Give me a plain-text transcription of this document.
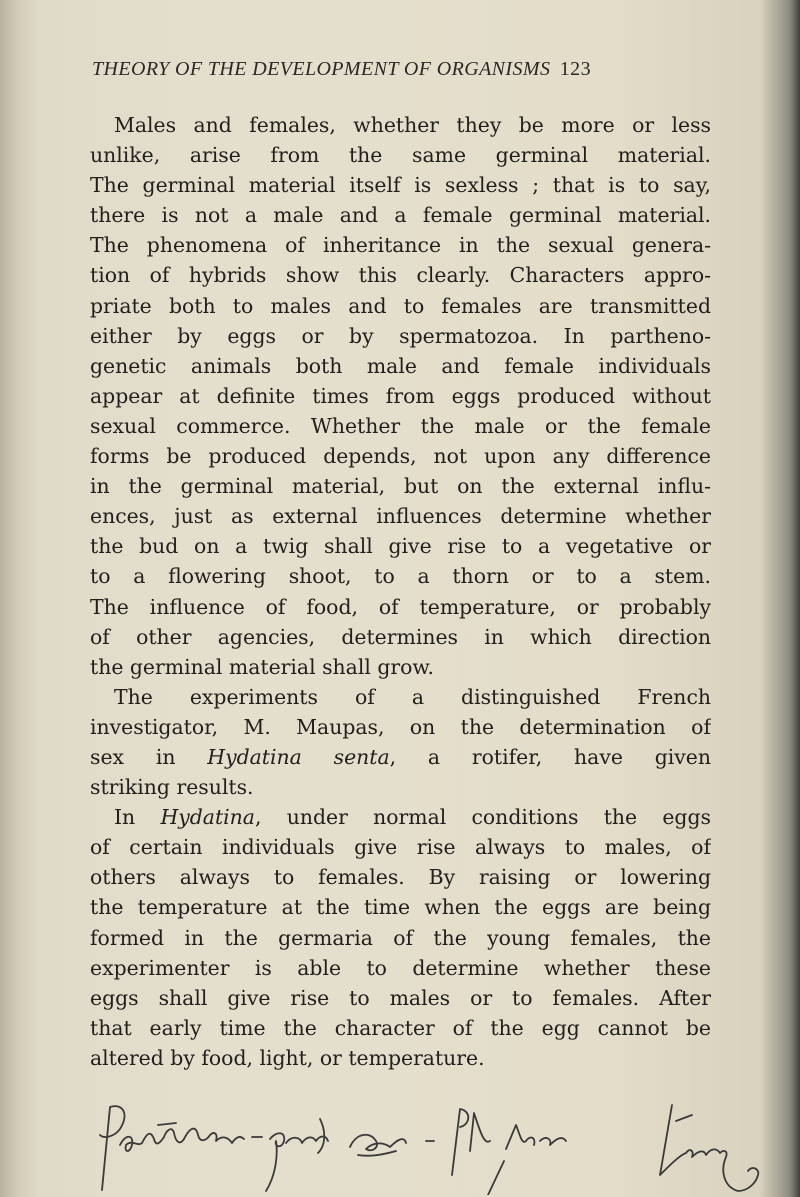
THEORY OF THE DEVELOPMENT OF ORGANISMS 123
Males and females, whether they be more or less
unlike, arise from the same germinal material.
The germinal material itself is sexless ; that is to say,
there is not a male and a female germinal material.
The phenomena of inheritance in the sexual genera-
tion of hybrids show this clearly. Characters appro-
priate both to males and to females are transmitted
either by eggs or by spermatozoa. In partheno-
genetic animals both male and female individuals
appear at definite times from eggs produced without
sexual commerce. Whether the male or the female
forms be produced depends, not upon any difference
in the germinal material, but on the external influ-
ences, just as external influences determine whether
the bud on a twig shall give rise to a vegetative or
to a flowering shoot, to a thorn or to a stem.
The influence of food, of temperature, or probably
of other agencies, determines in which direction
the germinal material shall grow.
The experiments of a distinguished French
investigator, M. Maupas, on the determination of
sex in Hydatina senta, a rotifer, have given
striking results.
In Hydatina, under normal conditions the eggs
of certain individuals give rise always to males, of
others always to females. By raising or lowering
the temperature at the time when the eggs are being
formed in the germaria of the young females, the
experimenter is able to determine whether these
eggs shall give rise to males or to females. After
that early time the character of the egg cannot be
altered by food, light, or temperature.
